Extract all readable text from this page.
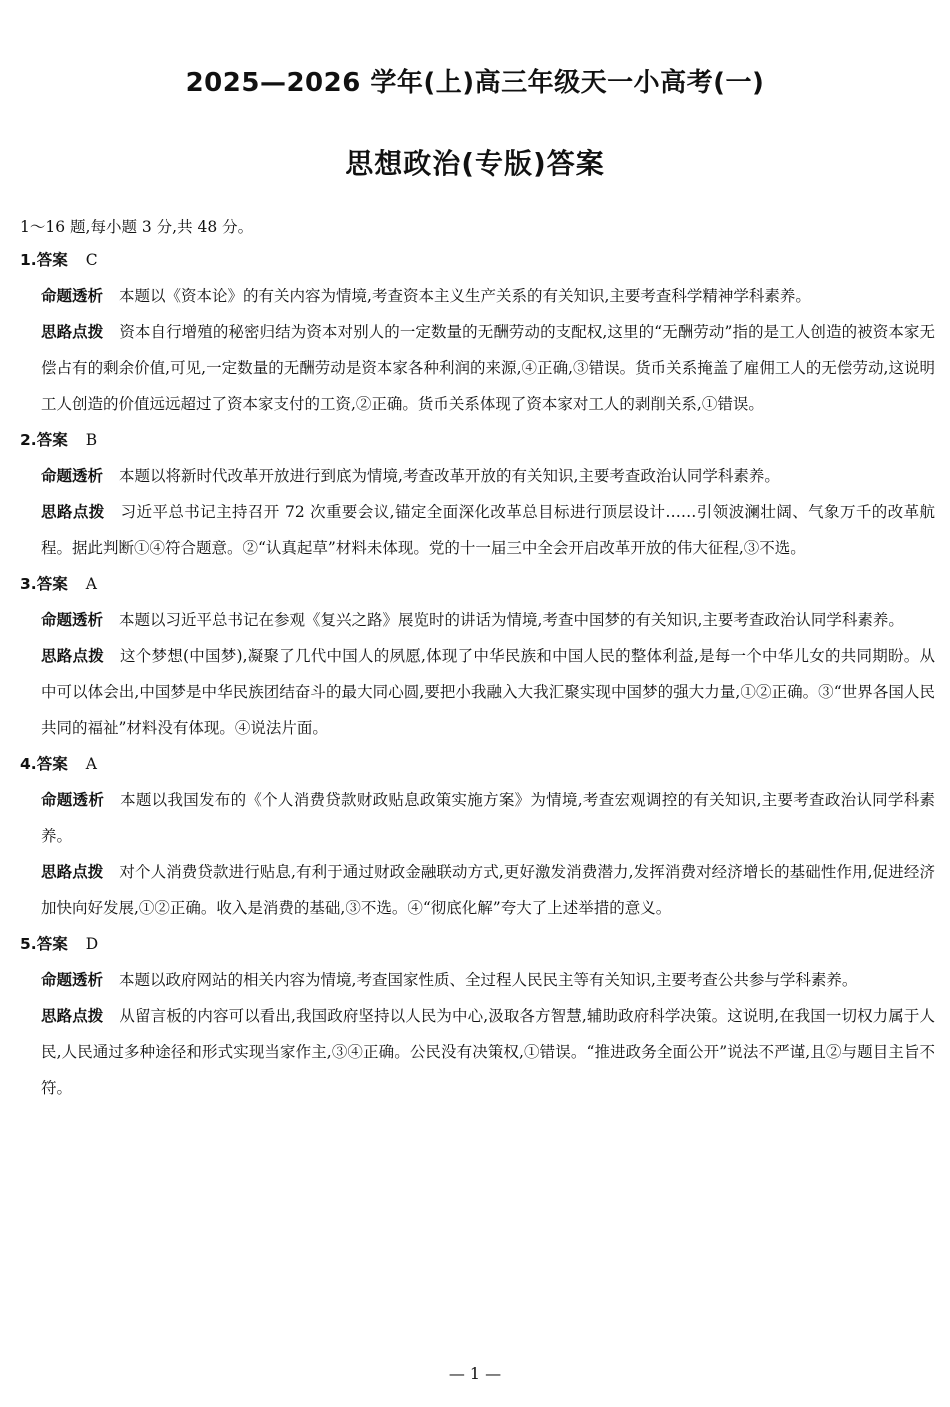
2025—2026 学年(上)高三年级天一小高考(一)
思想政治(专版)答案
1～16 题,每小题 3 分,共 48 分。
1.答案 C
命题透析 本题以《资本论》的有关内容为情境,考查资本主义生产关系的有关知识,主要考查科学精神学科素养。
思路点拨 资本自行增殖的秘密归结为资本对别人的一定数量的无酬劳动的支配权,这里的“无酬劳动”指的是工人创造的被资本家无偿占有的剩余价值,可见,一定数量的无酬劳动是资本家各种利润的来源,④正确,③错误。货币关系掩盖了雇佣工人的无偿劳动,这说明工人创造的价值远远超过了资本家支付的工资,②正确。货币关系体现了资本家对工人的剥削关系,①错误。
2.答案 B
命题透析 本题以将新时代改革开放进行到底为情境,考查改革开放的有关知识,主要考查政治认同学科素养。
思路点拨 习近平总书记主持召开 72 次重要会议,锚定全面深化改革总目标进行顶层设计……引领波澜壮阔、气象万千的改革航程。据此判断①④符合题意。②“认真起草”材料未体现。党的十一届三中全会开启改革开放的伟大征程,③不选。
3.答案 A
命题透析 本题以习近平总书记在参观《复兴之路》展览时的讲话为情境,考查中国梦的有关知识,主要考查政治认同学科素养。
思路点拨 这个梦想(中国梦),凝聚了几代中国人的夙愿,体现了中华民族和中国人民的整体利益,是每一个中华儿女的共同期盼。从中可以体会出,中国梦是中华民族团结奋斗的最大同心圆,要把小我融入大我汇聚实现中国梦的强大力量,①②正确。③“世界各国人民共同的福祉”材料没有体现。④说法片面。
4.答案 A
命题透析 本题以我国发布的《个人消费贷款财政贴息政策实施方案》为情境,考查宏观调控的有关知识,主要考查政治认同学科素养。
思路点拨 对个人消费贷款进行贴息,有利于通过财政金融联动方式,更好激发消费潜力,发挥消费对经济增长的基础性作用,促进经济加快向好发展,①②正确。收入是消费的基础,③不选。④“彻底化解”夸大了上述举措的意义。
5.答案 D
命题透析 本题以政府网站的相关内容为情境,考查国家性质、全过程人民民主等有关知识,主要考查公共参与学科素养。
思路点拨 从留言板的内容可以看出,我国政府坚持以人民为中心,汲取各方智慧,辅助政府科学决策。这说明,在我国一切权力属于人民,人民通过多种途径和形式实现当家作主,③④正确。公民没有决策权,①错误。“推进政务全面公开”说法不严谨,且②与题目主旨不符。
— 1 —
